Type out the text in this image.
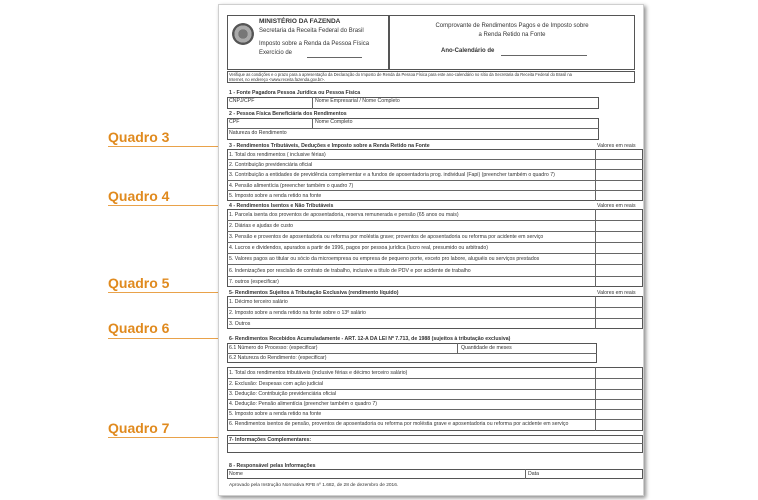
Quadro 3
Quadro 4
Quadro 5
Quadro 6
Quadro 7
MINISTÉRIO DA FAZENDA
Secretaria da Receita Federal do Brasil
Imposto sobre a Renda da Pessoa Física
Exercício de
Comprovante de Rendimentos Pagos e de Imposto sobre
a Renda Retido na Fonte
Ano-Calendário de
Verifique as condições e o prazo para a apresentação da Declaração do Imposto de Renda da Pessoa Física para este ano-calendário no sítio da Secretaria da Receita Federal do Brasil na
Internet, no endereço <www.receita.fazenda.gov.br>.
1 - Fonte Pagadora Pessoa Jurídica ou Pessoa Física
CNPJ/CPF	Nome Empresarial / Nome Completo
2 - Pessoa Física Beneficiária dos Rendimentos
CPF	Nome Completo
Natureza do Rendimento
3 - Rendimentos Tributáveis, Deduções e Imposto sobre a Renda Retido na Fonte	Valores em reais
1. Total dos rendimentos ( inclusive férias)
2. Contribuição previdenciária oficial
3. Contribuição a entidades de previdência complementar e a fundos de aposentadoria prog. individual (Fapi) (preencher também o quadro 7)
4. Pensão alimentícia (preencher também o quadro 7)
5. Imposto sobre a renda retido na fonte
4 - Rendimentos Isentos e Não Tributáveis	Valores em reais
1. Parcela isenta dos proventos de aposentadoria, reserva remunerada e pensão (65 anos ou mais)
2. Diárias e ajudas de custo
3. Pensão e proventos de aposentadoria ou reforma por moléstia grave; proventos de aposentadoria ou reforma por acidente em serviço
4. Lucros e dividendos, apurados a partir de 1996, pagos por pessoa jurídica (lucro real, presumido ou arbitrado)
5. Valores pagos ao titular ou sócio da microempresa ou empresa de pequeno porte, exceto pro labore, aluguéis ou serviços prestados
6. Indenizações por rescisão de contrato de trabalho, inclusive a título de PDV e por acidente de trabalho
7. outros (especificar)
5- Rendimentos Sujeitos à Tributação Exclusiva (rendimento líquido)	Valores em reais
1. Décimo terceiro salário
2. Imposto sobre a renda retido na fonte sobre o 13º salário
3. Outros
6- Rendimentos Recebidos Acumuladamente - ART. 12-A DA LEI Nº 7.713, de 1988 (sujeitos à tributação exclusiva)
6.1 Número do Processo: (especificar)	Quantidade de meses
6.2 Natureza do Rendimento: (especificar)
1. Total dos rendimentos tributáveis (inclusive férias e décimo terceiro salário)
2. Exclusão: Despesas com ação judicial
3. Dedução: Contribuição previdenciária oficial
4. Dedução: Pensão alimentícia (preencher também o quadro 7)
5. Imposto sobre a renda retido na fonte
6. Rendimentos isentos de pensão, proventos de aposentadoria ou reforma por moléstia grave e aposentadoria ou reforma por acidente em serviço
7- Informações Complementares:
8 - Responsável pelas Informações
Nome	Data
Aprovado pela Instrução Normativa RFB nº 1.682, de 28 de dezembro de 2016.
